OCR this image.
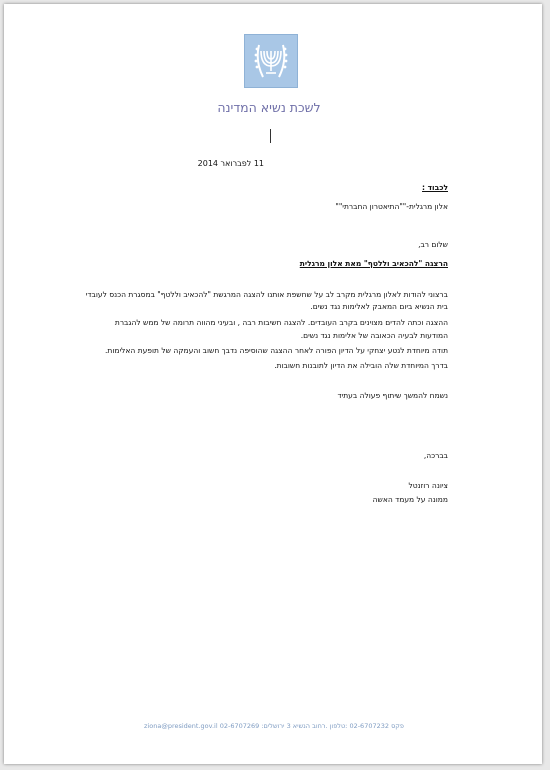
לשכת נשיא המדינה
11 לפברואר 2014
לכבוד :
אלון מרגלית-""התיאטרון החברתי""
שלום רב,
הרצגה "להכאיב וללטף" מאת אלון מרגלית
ברצוני להודות לאלון מרגלית מקרב לב על שחשפת אותנו להצגה המרגשת "להכאיב וללטף" במסגרת הכנס לעובדי
בית הנשיא ביום המאבק לאלימות נגד נשים.
ההצגה וכתה להדים מצוינים בקרב העובדים. להצגה חשיבות רבה , ובעיני מהווה תרומה של ממש להגברת
המודעות לבעיה הכאובה של אלימות נגד נשים.
תודה מיוחדת לנטע יצחקי על הדיון הפורה לאחר ההצגה שהוסיפה נדבך חשוב והעמקה של תופעת האלימות.
בדרך המיוחדת שלה הובילה את הדיון לתובנות חשובות.
נשמח להמשך שיתוף פעולה בעתיד
בברכה,
ציונה רוזנטל
ממונה על מעמד האשה
ziona@president.gov.il 02-6707269 :פקס 02-6707232 :טלפון .רחוב הנשיא 3 ירושלים
